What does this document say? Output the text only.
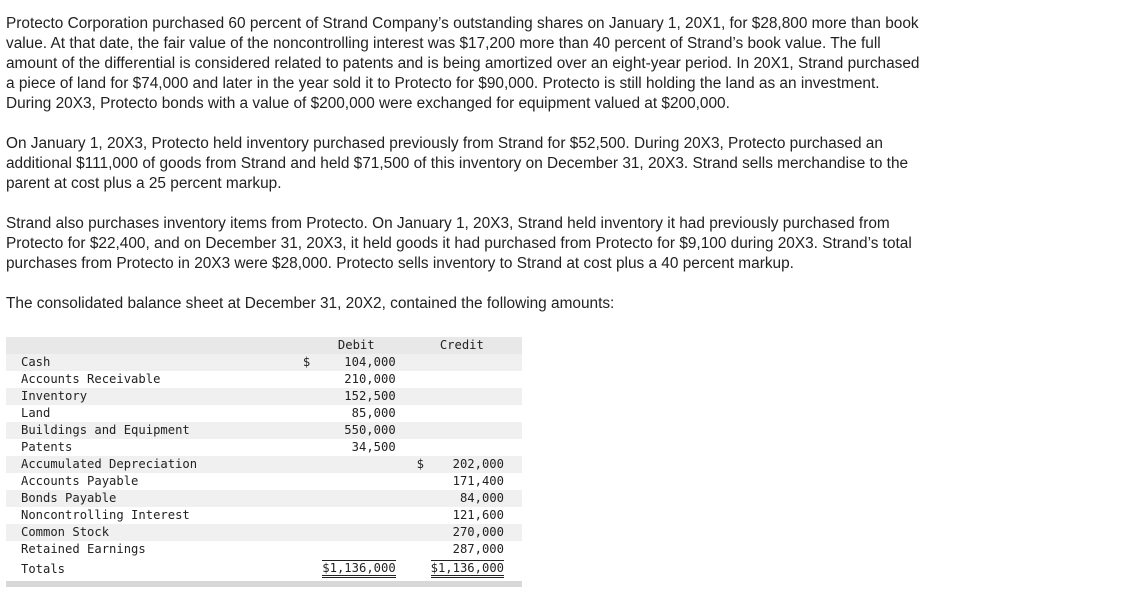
Protecto Corporation purchased 60 percent of Strand Company’s outstanding shares on January 1, 20X1, for $28,800 more than book
value. At that date, the fair value of the noncontrolling interest was $17,200 more than 40 percent of Strand’s book value. The full
amount of the differential is considered related to patents and is being amortized over an eight-year period. In 20X1, Strand purchased
a piece of land for $74,000 and later in the year sold it to Protecto for $90,000. Protecto is still holding the land as an investment.
During 20X3, Protecto bonds with a value of $200,000 were exchanged for equipment valued at $200,000.

On January 1, 20X3, Protecto held inventory purchased previously from Strand for $52,500. During 20X3, Protecto purchased an
additional $111,000 of goods from Strand and held $71,500 of this inventory on December 31, 20X3. Strand sells merchandise to the
parent at cost plus a 25 percent markup.

Strand also purchases inventory items from Protecto. On January 1, 20X3, Strand held inventory it had previously purchased from
Protecto for $22,400, and on December 31, 20X3, it held goods it had purchased from Protecto for $9,100 during 20X3. Strand’s total
purchases from Protecto in 20X3 were $28,000. Protecto sells inventory to Strand at cost plus a 40 percent markup.

The consolidated balance sheet at December 31, 20X2, contained the following amounts:

	Debit	Credit
Cash	$ 104,000	
Accounts Receivable	210,000	
Inventory	152,500	
Land	85,000	
Buildings and Equipment	550,000	
Patents	34,500	
Accumulated Depreciation		$ 202,000
Accounts Payable		171,400
Bonds Payable		84,000
Noncontrolling Interest		121,600
Common Stock		270,000
Retained Earnings		287,000
Totals	$1,136,000	$1,136,000
